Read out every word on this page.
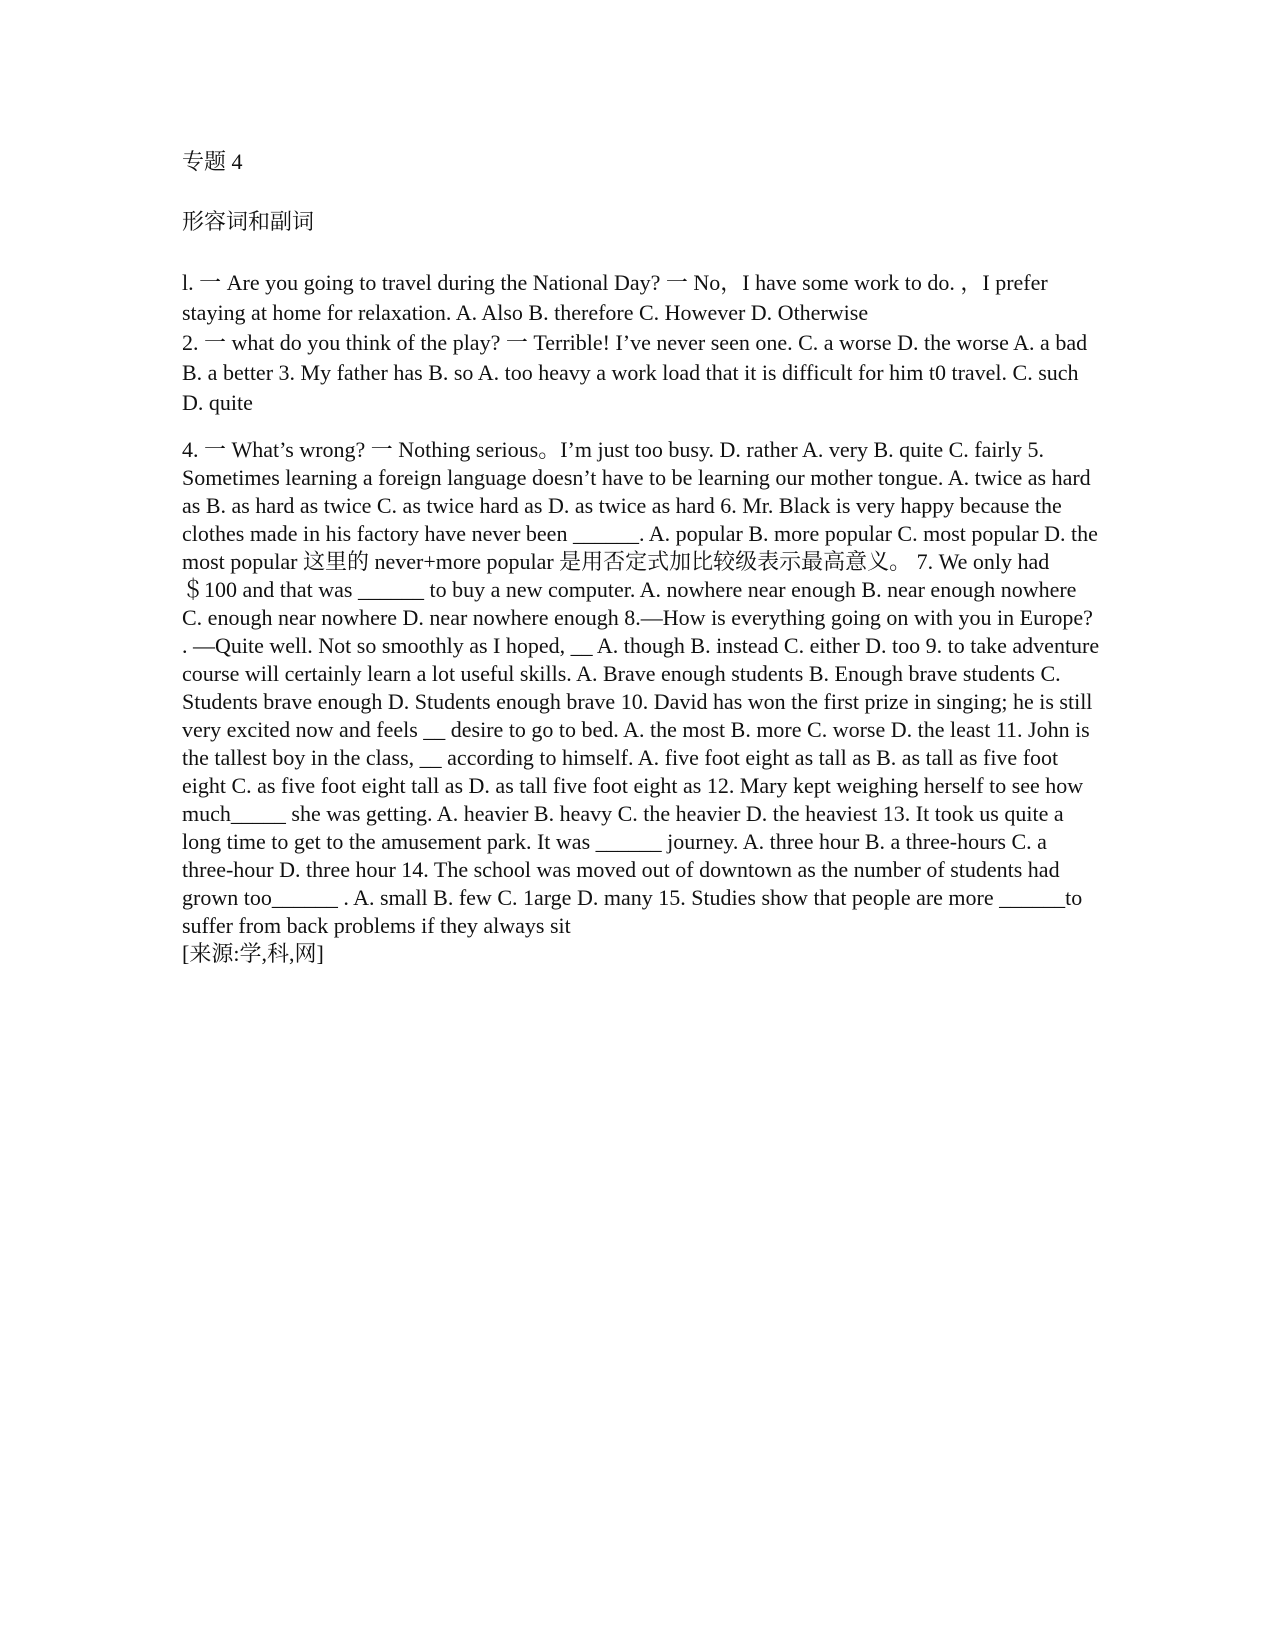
专题 4

形容词和副词

l. 一 Are you going to travel during the National Day? 一 No，I have some work to do. ，I prefer staying at home for relaxation. A. Also B. therefore C. However D. Otherwise

2. 一 what do you think of the play? 一 Terrible! I’ve never seen one. C. a worse D. the worse A. a bad B. a better 3. My father has B. so A. too heavy a work load that it is difficult for him t0 travel. C. such D. quite

4. 一 What’s wrong? 一 Nothing serious。I’m just too busy. D. rather A. very B. quite C. fairly 5. Sometimes learning a foreign language doesn’t have to be learning our mother tongue. A. twice as hard as B. as hard as twice C. as twice hard as D. as twice as hard 6. Mr. Black is very happy because the clothes made in his factory have never been ______. A. popular B. more popular C. most popular D. the most popular 这里的 never+more popular 是用否定式加比较级表示最高意义。 7. We only had ＄100 and that was ______ to buy a new computer. A. nowhere near enough B. near enough nowhere C. enough near nowhere D. near nowhere enough 8.—How is everything going on with you in Europe? . —Quite well. Not so smoothly as I hoped, __ A. though B. instead C. either D. too 9. to take adventure course will certainly learn a lot useful skills. A. Brave enough students B. Enough brave students C. Students brave enough D. Students enough brave 10. David has won the first prize in singing; he is still very excited now and feels __ desire to go to bed. A. the most B. more C. worse D. the least 11. John is the tallest boy in the class, __ according to himself. A. five foot eight as tall as B. as tall as five foot eight C. as five foot eight tall as D. as tall five foot eight as 12. Mary kept weighing herself to see how much_____ she was getting. A. heavier B. heavy C. the heavier D. the heaviest 13. It took us quite a long time to get to the amusement park. It was ______ journey. A. three hour B. a three-hours C. a three-hour D. three hour 14. The school was moved out of downtown as the number of students had grown too______ . A. small B. few C. 1arge D. many 15. Studies show that people are more ______to suffer from back problems if they always sit

[来源:学,科,网]
